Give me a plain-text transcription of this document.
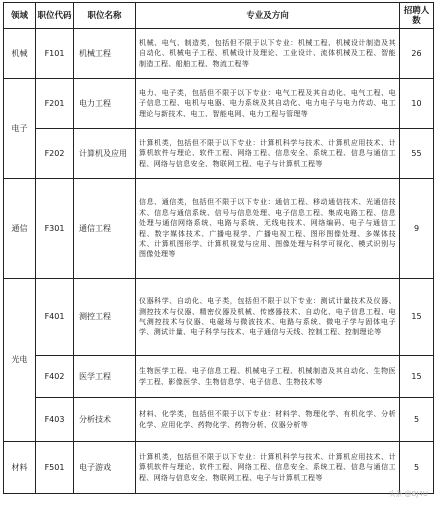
领域	职位代码	职位名称	专业及方向	招聘人数
机械	F101	机械工程	机械、电气、制造类，包括但不限于以下专业：机械工程、机械设计制造及其自动化、机械电子工程、机械设计及理论、工业设计、流体机械及工程、智能制造工程、船舶工程、物流工程等	26
电子	F201	电力工程	电力、电子类，包括但不限于以下专业：电气工程及其自动化、电气工程、电子信息工程、电机与电器、电力系统及其自动化、电力电子与电力传动、电工理论与新技术、电工、智能电网、电力工程与管理等	10
	F202	计算机及应用	计算机类，包括但不限于以下专业：计算机科学与技术、计算机应用技术、计算机软件与理论、软件工程、网络工程、信息安全、系统工程、信息与通信工程、网络与信息安全、物联网工程、电子与计算机工程等	55
通信	F301	通信工程	信息、通信类，包括但不限于以下专业：通信工程、移动通信技术、光通信技术、信息与通信系统、信号与信息处理、电子信息工程、集成电路工程、信息处理与通信网络系统、电路与系统、无线电技术、网络编码、电子与通信工程、数字媒体技术、广播电视学、广播电视工程、图形图像处理、多媒体技术、计算机图形学、计算机视觉与应用、图像处理与科学可视化、模式识别与图像处理等	9
光电	F401	测控工程	仪器科学、自动化、电子类，包括但不限于以下专业：测试计量技术及仪器、测控技术与仪器、精密仪器及机械、传感器技术、自动化、电子信息工程、电气测控技术与仪器、电磁场与微波技术、电路与系统、微电子学与固体电子学、测试计量、电子科学与技术、电子通信与天线、控制工程、控制理论等	15
	F402	医学工程	生物医学工程、电子信息工程、机械电子工程、机械制造及其自动化、生物医学工程、影像医学、生物信息学、电子信息、生物技术等	15
	F403	分析技术	材料、化学类，包括但不限于以下专业：材料学、物理化学、有机化学、分析化学、应用化学、药物化学、药物分析、仪器分析等	5
材料	F501	电子游戏	计算机类，包括但不限于以下专业：计算机科学与技术、计算机应用技术、计算机软件与理论、软件工程、网络工程、信息安全、系统工程、信息与通信工程、网络与信息安全、物联网工程、电子与计算机工程等	5
头条 @BJ4U
